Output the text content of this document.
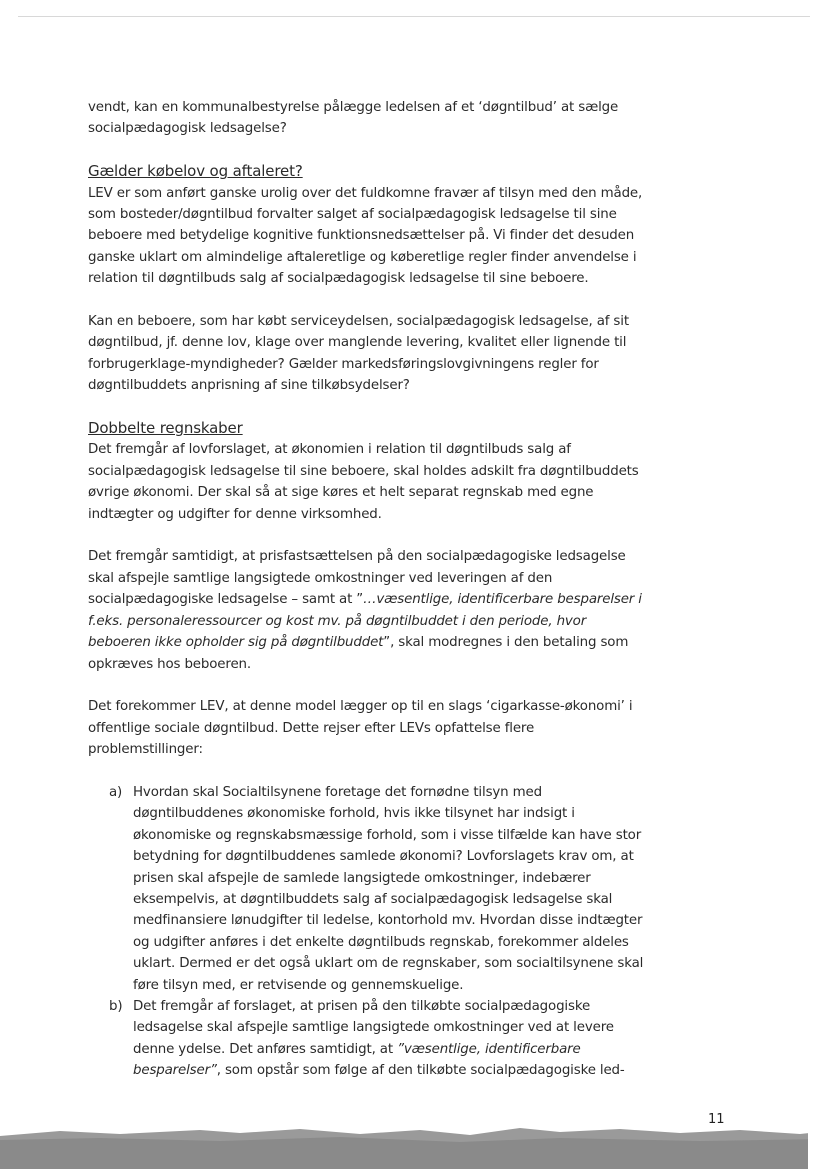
vendt, kan en kommunalbestyrelse pålægge ledelsen af et ‘døgntilbud’ at sælge socialpædagogisk ledsagelse?

Gælder købelov og aftaleret?

LEV er som anført ganske urolig over det fuldkomne fravær af tilsyn med den måde, som bosteder/døgntilbud forvalter salget af socialpædagogisk ledsagelse til sine beboere med betydelige kognitive funktionsnedsættelser på. Vi finder det desuden ganske uklart om almindelige aftaleretlige og køberetlige regler finder anvendelse i relation til døgntilbuds salg af socialpædagogisk ledsagelse til sine beboere.

Kan en beboere, som har købt serviceydelsen, socialpædagogisk ledsagelse, af sit døgntilbud, jf. denne lov, klage over manglende levering, kvalitet eller lignende til forbrugerklage-myndigheder? Gælder markedsføringslovgivningens regler for døgntilbuddets anprisning af sine tilkøbsydelser?

Dobbelte regnskaber

Det fremgår af lovforslaget, at økonomien i relation til døgntilbuds salg af socialpædagogisk ledsagelse til sine beboere, skal holdes adskilt fra døgntilbuddets øvrige økonomi. Der skal så at sige køres et helt separat regnskab med egne indtægter og udgifter for denne virksomhed.

Det fremgår samtidigt, at prisfastsættelsen på den socialpædagogiske ledsagelse skal afspejle samtlige langsigtede omkostninger ved leveringen af den socialpædagogiske ledsagelse – samt at ”…væsentlige, identificerbare besparelser i f.eks. personaleressourcer og kost mv. på døgntilbuddet i den periode, hvor beboeren ikke opholder sig på døgntilbuddet”, skal modregnes i den betaling som opkræves hos beboeren.

Det forekommer LEV, at denne model lægger op til en slags ‘cigarkasse-økonomi’ i offentlige sociale døgntilbud. Dette rejser efter LEVs opfattelse flere problemstillinger:

a) Hvordan skal Socialtilsynene foretage det fornødne tilsyn med døgntilbuddenes økonomiske forhold, hvis ikke tilsynet har indsigt i økonomiske og regnskabsmæssige forhold, som i visse tilfælde kan have stor betydning for døgntilbuddenes samlede økonomi? Lovforslagets krav om, at prisen skal afspejle de samlede langsigtede omkostninger, indebærer eksempelvis, at døgntilbuddets salg af socialpædagogisk ledsagelse skal medfinansiere lønudgifter til ledelse, kontorhold mv. Hvordan disse indtægter og udgifter anføres i det enkelte døgntilbuds regnskab, forekommer aldeles uklart. Dermed er det også uklart om de regnskaber, som socialtilsynene skal føre tilsyn med, er retvisende og gennemskuelige.
b) Det fremgår af forslaget, at prisen på den tilkøbte socialpædagogiske ledsagelse skal afspejle samtlige langsigtede omkostninger ved at levere denne ydelse. Det anføres samtidigt, at ”væsentlige, identificerbare besparelser”, som opstår som følge af den tilkøbte socialpædagogiske led-
11
